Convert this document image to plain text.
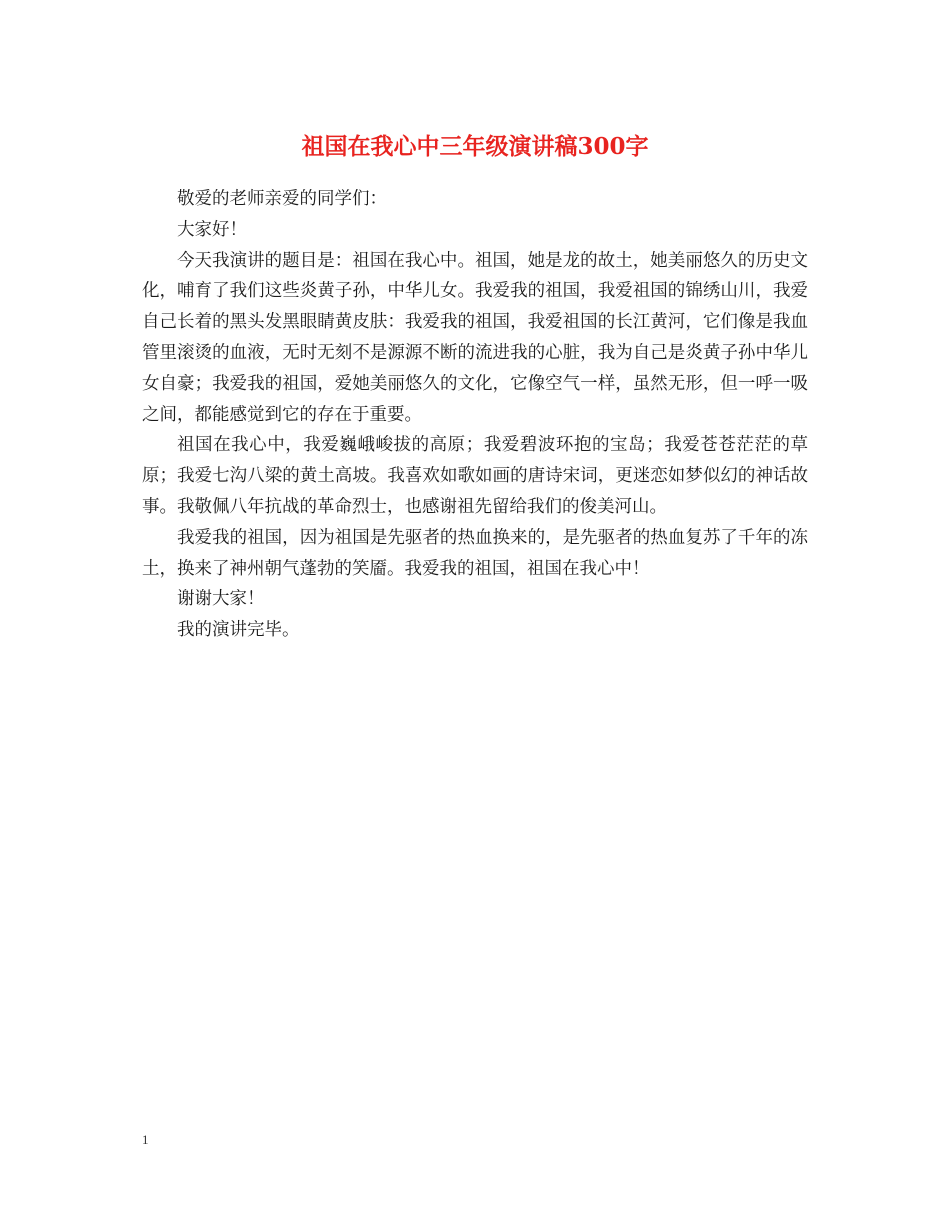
祖国在我心中三年级演讲稿300字

敬爱的老师亲爱的同学们：

大家好！

今天我演讲的题目是：祖国在我心中。祖国，她是龙的故土，她美丽悠久的历史文化，哺育了我们这些炎黄子孙，中华儿女。我爱我的祖国，我爱祖国的锦绣山川，我爱自己长着的黑头发黑眼睛黄皮肤：我爱我的祖国，我爱祖国的长江黄河，它们像是我血管里滚烫的血液，无时无刻不是源源不断的流进我的心脏，我为自己是炎黄子孙中华儿女自豪；我爱我的祖国，爱她美丽悠久的文化，它像空气一样，虽然无形，但一呼一吸之间，都能感觉到它的存在于重要。

祖国在我心中，我爱巍峨峻拔的高原；我爱碧波环抱的宝岛；我爱苍苍茫茫的草原；我爱七沟八梁的黄土高坡。我喜欢如歌如画的唐诗宋词，更迷恋如梦似幻的神话故事。我敬佩八年抗战的革命烈士，也感谢祖先留给我们的俊美河山。

我爱我的祖国，因为祖国是先驱者的热血换来的，是先驱者的热血复苏了千年的冻土，换来了神州朝气蓬勃的笑靥。我爱我的祖国，祖国在我心中！

谢谢大家！

我的演讲完毕。

1
